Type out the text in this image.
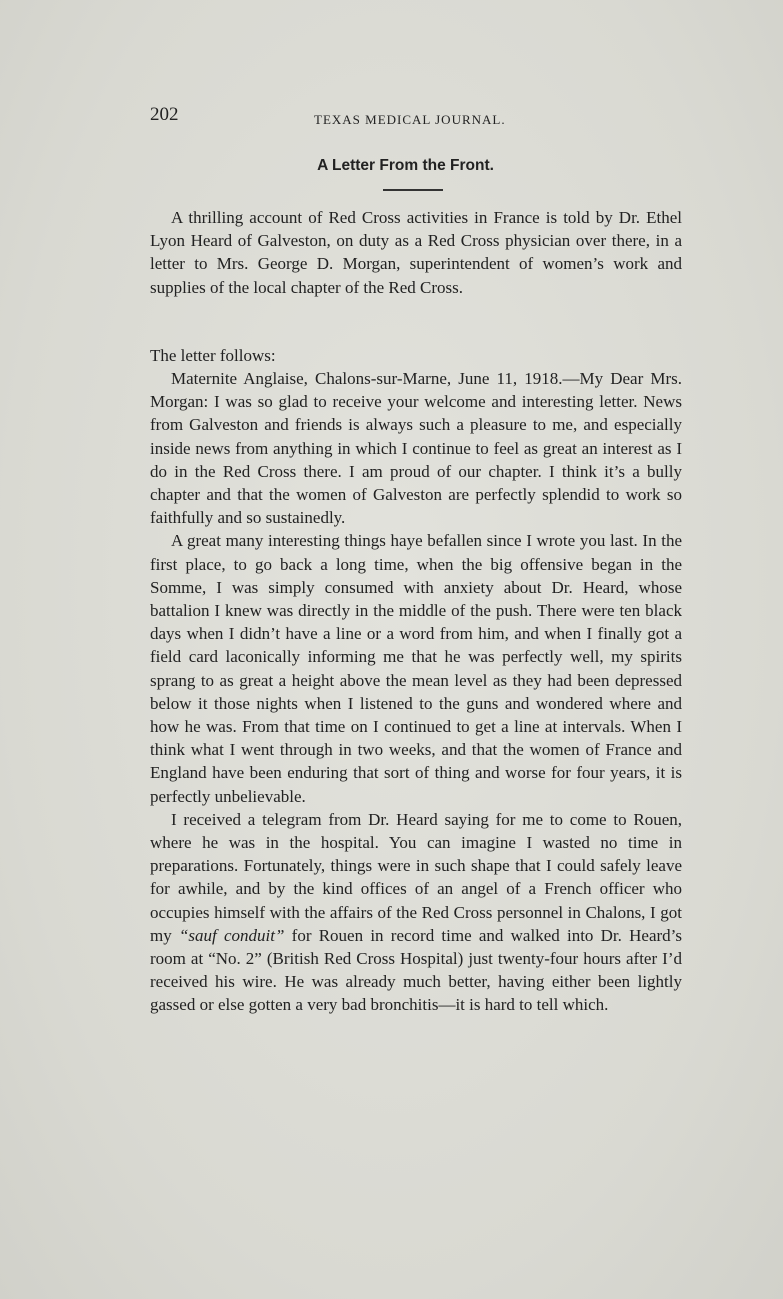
202	TEXAS MEDICAL JOURNAL.
A Letter From the Front.

A thrilling account of Red Cross activities in France is told by Dr. Ethel Lyon Heard of Galveston, on duty as a Red Cross physician over there, in a letter to Mrs. George D. Morgan, superintendent of women’s work and supplies of the local chapter of the Red Cross.

The letter follows:

Maternite Anglaise, Chalons-sur-Marne, June 11, 1918.—My Dear Mrs. Morgan: I was so glad to receive your welcome and interesting letter. News from Galveston and friends is always such a pleasure to me, and especially inside news from anything in which I continue to feel as great an interest as I do in the Red Cross there. I am proud of our chapter. I think it’s a bully chapter and that the women of Galveston are perfectly splendid to work so faithfully and so sustainedly.

A great many interesting things haye befallen since I wrote you last. In the first place, to go back a long time, when the big offensive began in the Somme, I was simply consumed with anxiety about Dr. Heard, whose battalion I knew was directly in the middle of the push. There were ten black days when I didn’t have a line or a word from him, and when I finally got a field card laconically informing me that he was perfectly well, my spirits sprang to as great a height above the mean level as they had been depressed below it those nights when I listened to the guns and wondered where and how he was. From that time on I continued to get a line at intervals. When I think what I went through in two weeks, and that the women of France and England have been enduring that sort of thing and worse for four years, it is perfectly unbelievable.

I received a telegram from Dr. Heard saying for me to come to Rouen, where he was in the hospital. You can imagine I wasted no time in preparations. Fortunately, things were in such shape that I could safely leave for awhile, and by the kind offices of an angel of a French officer who occupies himself with the affairs of the Red Cross personnel in Chalons, I got my “sauf conduit” for Rouen in record time and walked into Dr. Heard’s room at “No. 2” (British Red Cross Hospital) just twenty-four hours after I’d received his wire. He was already much better, having either been lightly gassed or else gotten a very bad bronchitis—it is hard to tell which.
